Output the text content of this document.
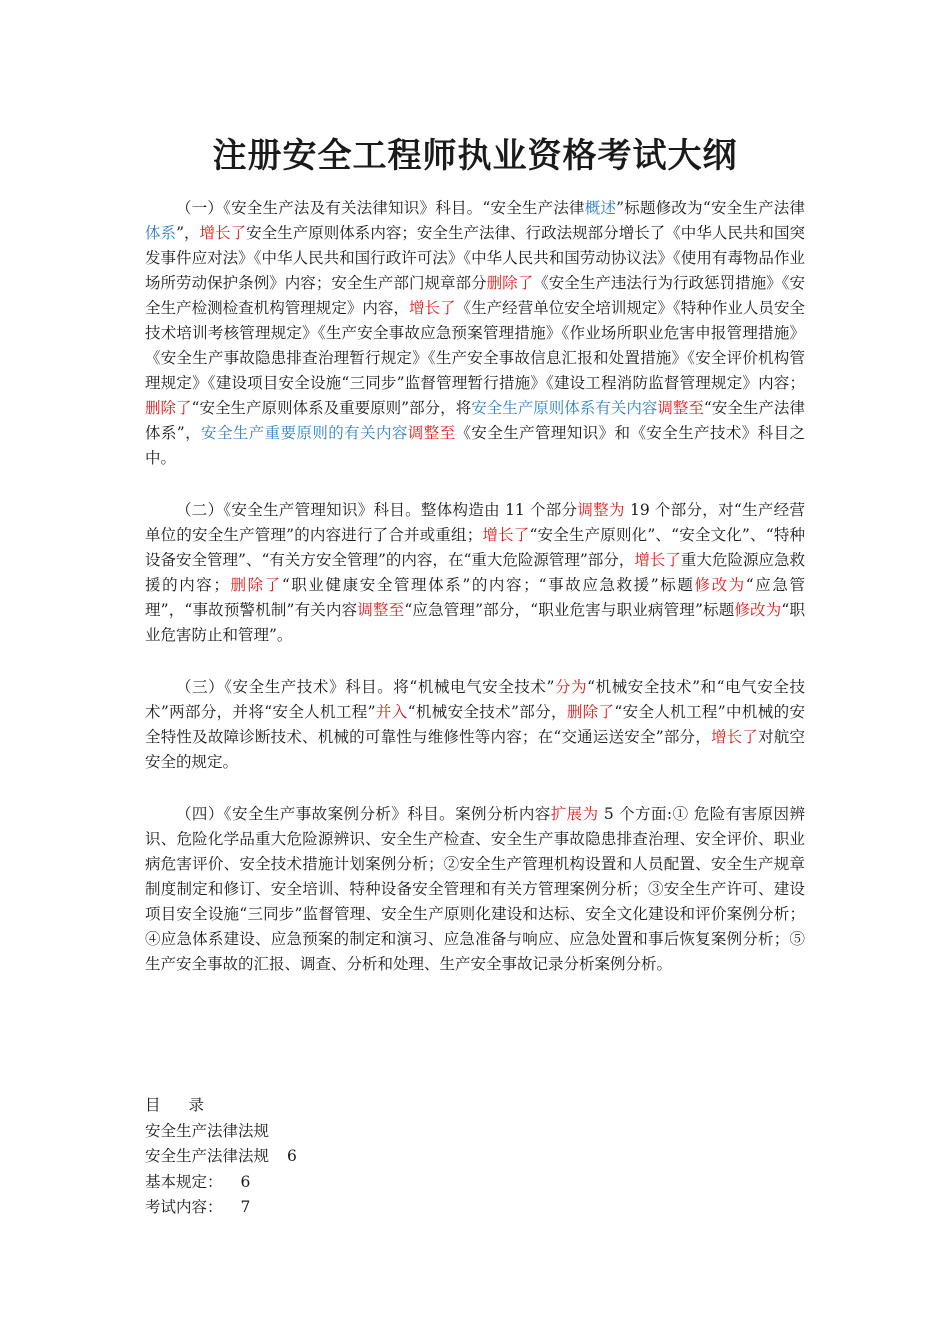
注册安全工程师执业资格考试大纲

（一）《安全生产法及有关法律知识》科目。“安全生产法律概述”标题修改为“安全生产法律体系”，增长了安全生产原则体系内容；安全生产法律、行政法规部分增长了《中华人民共和国突发事件应对法》《中华人民共和国行政许可法》《中华人民共和国劳动协议法》《使用有毒物品作业场所劳动保护条例》内容；安全生产部门规章部分删除了《安全生产违法行为行政惩罚措施》《安全生产检测检查机构管理规定》内容，增长了《生产经营单位安全培训规定》《特种作业人员安全技术培训考核管理规定》《生产安全事故应急预案管理措施》《作业场所职业危害申报管理措施》《安全生产事故隐患排查治理暂行规定》《生产安全事故信息汇报和处置措施》《安全评价机构管理规定》《建设项目安全设施“三同步”监督管理暂行措施》《建设工程消防监督管理规定》内容；删除了“安全生产原则体系及重要原则”部分，将安全生产原则体系有关内容调整至“安全生产法律体系”，安全生产重要原则的有关内容调整至《安全生产管理知识》和《安全生产技术》科目之中。

（二）《安全生产管理知识》科目。整体构造由 11 个部分调整为 19 个部分，对“生产经营单位的安全生产管理”的内容进行了合并或重组；增长了“安全生产原则化”、“安全文化”、“特种设备安全管理”、“有关方安全管理”的内容，在“重大危险源管理”部分，增长了重大危险源应急救援的内容；删除了“职业健康安全管理体系”的内容；“事故应急救援”标题修改为“应急管理”，“事故预警机制”有关内容调整至“应急管理”部分，“职业危害与职业病管理”标题修改为“职业危害防止和管理”。

（三）《安全生产技术》科目。将“机械电气安全技术”分为“机械安全技术”和“电气安全技术”两部分，并将“安全人机工程”并入“机械安全技术”部分，删除了“安全人机工程”中机械的安全特性及故障诊断技术、机械的可靠性与维修性等内容；在“交通运送安全”部分，增长了对航空安全的规定。

（四）《安全生产事故案例分析》科目。案例分析内容扩展为 5 个方面:① 危险有害原因辨识、危险化学品重大危险源辨识、安全生产检查、安全生产事故隐患排查治理、安全评价、职业病危害评价、安全技术措施计划案例分析；②安全生产管理机构设置和人员配置、安全生产规章制度制定和修订、安全培训、特种设备安全管理和有关方管理案例分析；③安全生产许可、建设项目安全设施“三同步”监督管理、安全生产原则化建设和达标、安全文化建设和评价案例分析；④应急体系建设、应急预案的制定和演习、应急准备与响应、应急处置和事后恢复案例分析；⑤生产安全事故的汇报、调查、分析和处理、生产安全事故记录分析案例分析。

目 录
安全生产法律法规
安全生产法律法规 6
基本规定： 6
考试内容： 7
